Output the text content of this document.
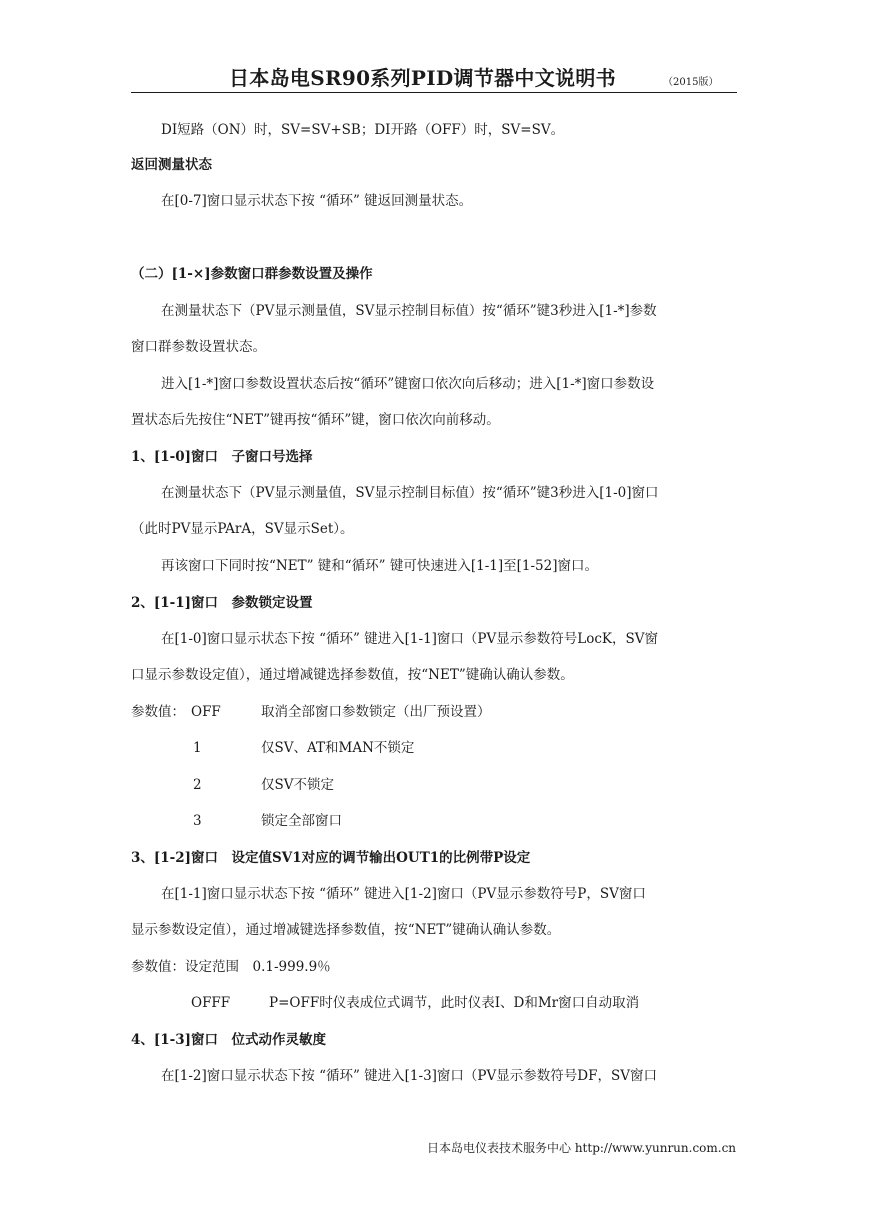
日本岛电SR90系列PID调节器中文说明书	（2015版）
DI短路（ON）时，SV=SV+SB；DI开路（OFF）时，SV=SV。
返回测量状态
在[0-7]窗口显示状态下按 “循环” 键返回测量状态。
（二）[1-×]参数窗口群参数设置及操作
在测量状态下（PV显示测量值，SV显示控制目标值）按“循环”键3秒进入[1-*]参数
窗口群参数设置状态。
进入[1-*]窗口参数设置状态后按“循环”键窗口依次向后移动；进入[1-*]窗口参数设
置状态后先按住“NET”键再按“循环”键，窗口依次向前移动。
1、[1-0]窗口　子窗口号选择
在测量状态下（PV显示测量值，SV显示控制目标值）按“循环”键3秒进入[1-0]窗口
（此时PV显示PArA，SV显示Set）。
再该窗口下同时按“NET” 键和“循环” 键可快速进入[1-1]至[1-52]窗口。
2、[1-1]窗口　参数锁定设置
在[1-0]窗口显示状态下按 “循环” 键进入[1-1]窗口（PV显示参数符号LocK，SV窗
口显示参数设定值），通过增减键选择参数值，按“NET”键确认确认参数。
参数值： OFF	取消全部窗口参数锁定（出厂预设置）
1	仅SV、AT和MAN不锁定
2	仅SV不锁定
3	锁定全部窗口
3、[1-2]窗口　设定值SV1对应的调节输出OUT1的比例带P设定
在[1-1]窗口显示状态下按 “循环” 键进入[1-2]窗口（PV显示参数符号P，SV窗口
显示参数设定值），通过增减键选择参数值，按“NET”键确认确认参数。
参数值：设定范围　0.1-999.9％
OFFF	P=OFF时仪表成位式调节，此时仪表I、D和Mr窗口自动取消
4、[1-3]窗口　位式动作灵敏度
在[1-2]窗口显示状态下按 “循环” 键进入[1-3]窗口（PV显示参数符号DF，SV窗口
日本岛电仪表技术服务中心 http://www.yunrun.com.cn
